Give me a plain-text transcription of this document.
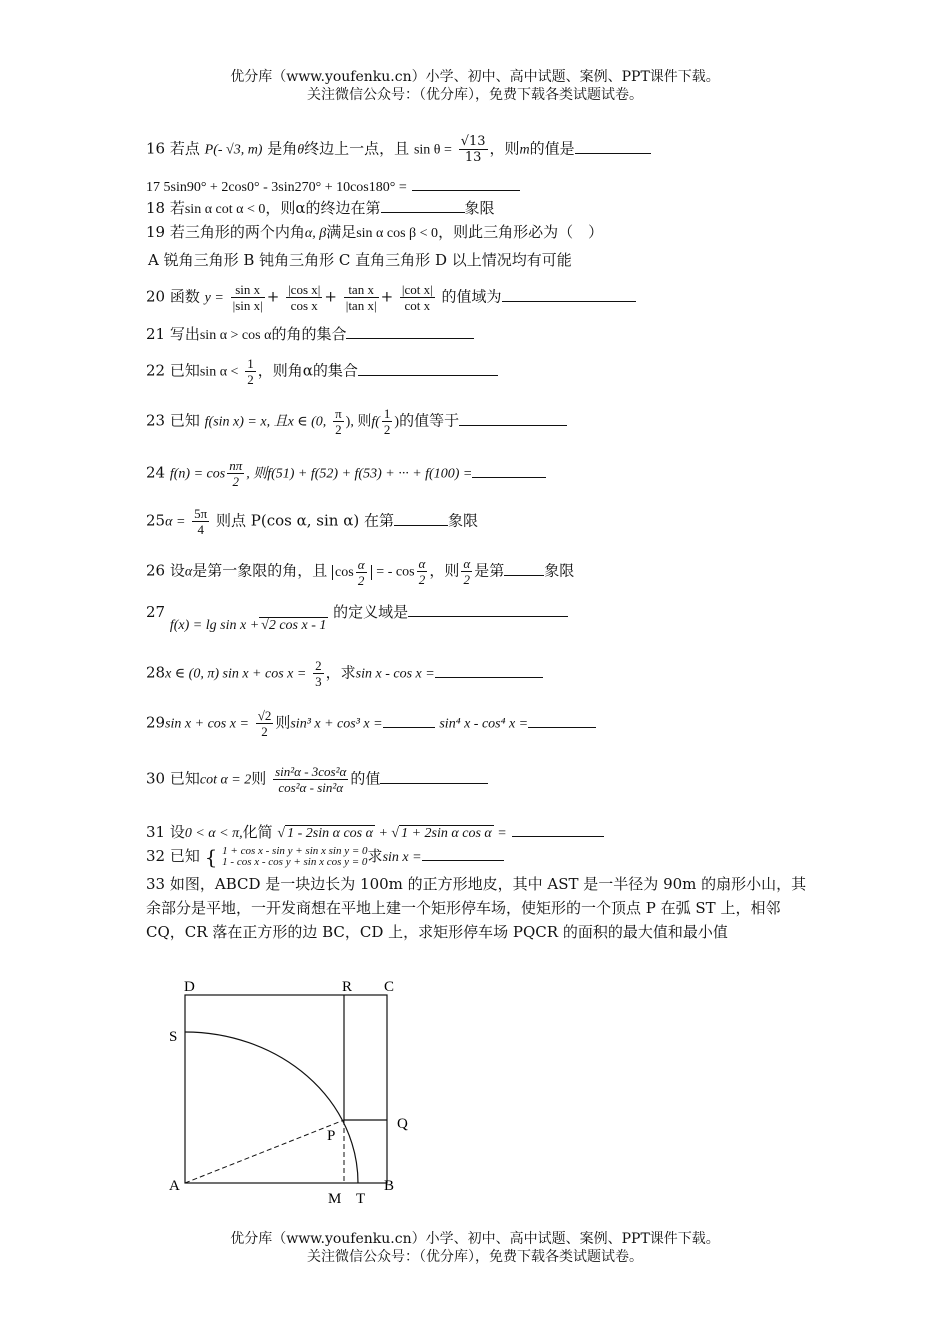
优分库（www.youfenku.cn）小学、初中、高中试题、案例、PPT课件下载。
关注微信公众号：（优分库），免费下载各类试题试卷。
16 若点 P(- √3, m) 是角θ终边上一点，且 $\sin \theta = \frac{√13}{13}$ ，则m的值是
17 5sin90° + 2cos0° - 3sin270° + 10cos180° =
18 若sin α cot α < 0，则α的终边在第	象限
19 若三角形的两个内角α, β满足sin α cos β < 0，则此三角形必为（　）
A 锐角三角形 B 钝角三角形 C 直角三角形 D 以上情况均有可能
20 函数 $y = \frac{\text{sin x}}{\text{|sin x|}} + \frac{\text{|cos x|}}{\text{cos x}} + \frac{\text{tan x}}{\text{|tan x|}} + \frac{\text{|cot x|}}{\text{cot x}}$ 的值域为
21 写出sin α > cos α的角的集合
22 已知$\sin \alpha < \frac{1}{2}$ ，则角α的集合
23 已知 f(sin x) = x, 且x ∈ (0, $\frac{\pi}{2}$ ), 则$f( \frac{1}{2}$ )的值等于
24 $f(n) = \cos \frac{n\pi}{2}$ , 则f(51) + f(52) + f(53) + ··· + f(100) =
$25\alpha = \frac{5\pi}{4}$ 则点 P(cos α, sin α) 在第	象限
26 设α是第一象限的角，且 $\cos \frac{\alpha}{2}$ = - $\cos \frac{\alpha}{2}$ ，则 $\frac{\alpha}{2}$ 是第	象限
27 f(x) = lg sin x + √2 cos x - 1 的定义域是
28x ∈ (0, π) $\sin x + \cos x = \frac{2}{3}$ ，求sin x - cos x =
29sin $x + \cos x = \frac{√2}{2}$ 则sin³ x + cos³ x =	sin⁴ x - cos⁴ x =
30 已知cot α = 2则 $\frac{\text{sin²α - 3cos²α}}{\text{cos²α - sin²α}}$ 的值
31 设0 < α < π,化简 √ 1 - 2sin α cos α + √ 1 + 2sin α cos α =
32 已知 { 1 + cos x - sin y + sin x sin y = 0
1 - cos x - cos y + sin x cos y = 0 求sin x =
33 如图，ABCD 是一块边长为 100m 的正方形地皮，其中 AST 是一半径为 90m 的扇形小山，其余部分是平地，一开发商想在平地上建一个矩形停车场，使矩形的一个顶点 P 在弧 ST 上，相邻 CQ，CR 落在正方形的边 BC，CD 上，求矩形停车场 PQCR 的面积的最大值和最小值
D	R C
S
Q
P
A	B
M T
优分库（www.youfenku.cn）小学、初中、高中试题、案例、PPT课件下载。
关注微信公众号：（优分库），免费下载各类试题试卷。
